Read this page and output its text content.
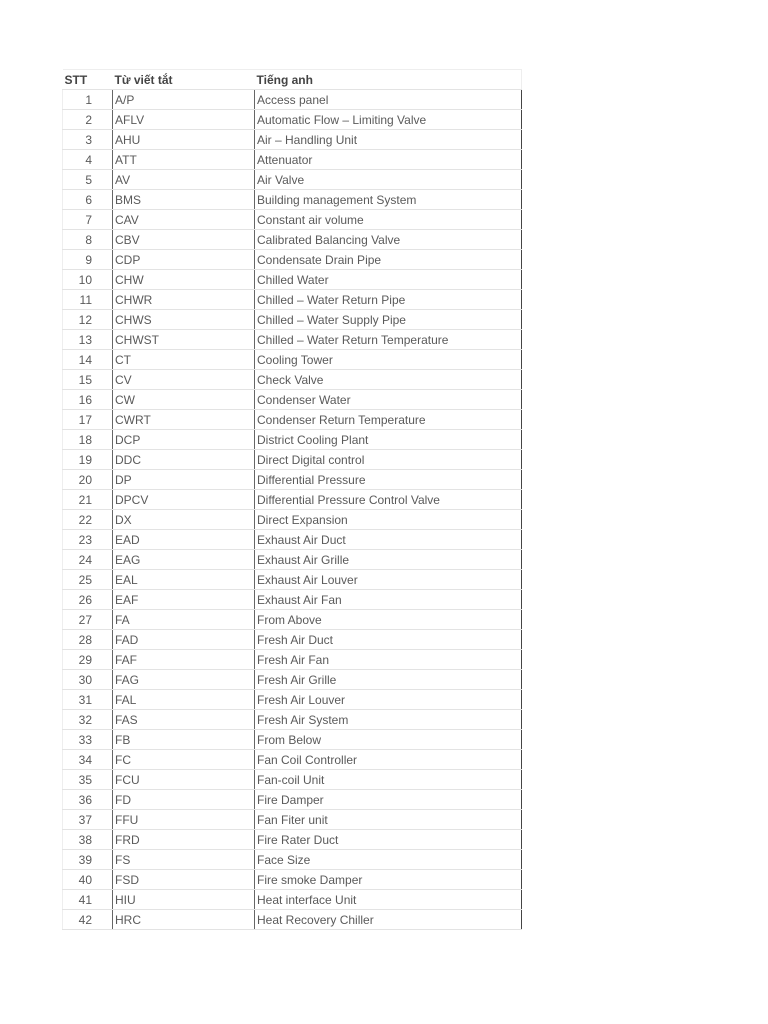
STT	Từ viết tắt	Tiếng anh
1	A/P	Access panel
2	AFLV	Automatic Flow – Limiting Valve
3	AHU	Air – Handling Unit
4	ATT	Attenuator
5	AV	Air Valve
6	BMS	Building management System
7	CAV	Constant air volume
8	CBV	Calibrated Balancing Valve
9	CDP	Condensate Drain Pipe
10	CHW	Chilled Water
11	CHWR	Chilled – Water Return Pipe
12	CHWS	Chilled – Water Supply Pipe
13	CHWST	Chilled – Water Return Temperature
14	CT	Cooling Tower
15	CV	Check Valve
16	CW	Condenser Water
17	CWRT	Condenser Return Temperature
18	DCP	District Cooling Plant
19	DDC	Direct Digital control
20	DP	Differential Pressure
21	DPCV	Differential Pressure Control Valve
22	DX	Direct Expansion
23	EAD	Exhaust Air Duct
24	EAG	Exhaust Air Grille
25	EAL	Exhaust Air Louver
26	EAF	Exhaust Air Fan
27	FA	From Above
28	FAD	Fresh Air Duct
29	FAF	Fresh Air Fan
30	FAG	Fresh Air Grille
31	FAL	Fresh Air Louver
32	FAS	Fresh Air System
33	FB	From Below
34	FC	Fan Coil Controller
35	FCU	Fan-coil Unit
36	FD	Fire Damper
37	FFU	Fan Fiter unit
38	FRD	Fire Rater Duct
39	FS	Face Size
40	FSD	Fire smoke Damper
41	HIU	Heat interface Unit
42	HRC	Heat Recovery Chiller
